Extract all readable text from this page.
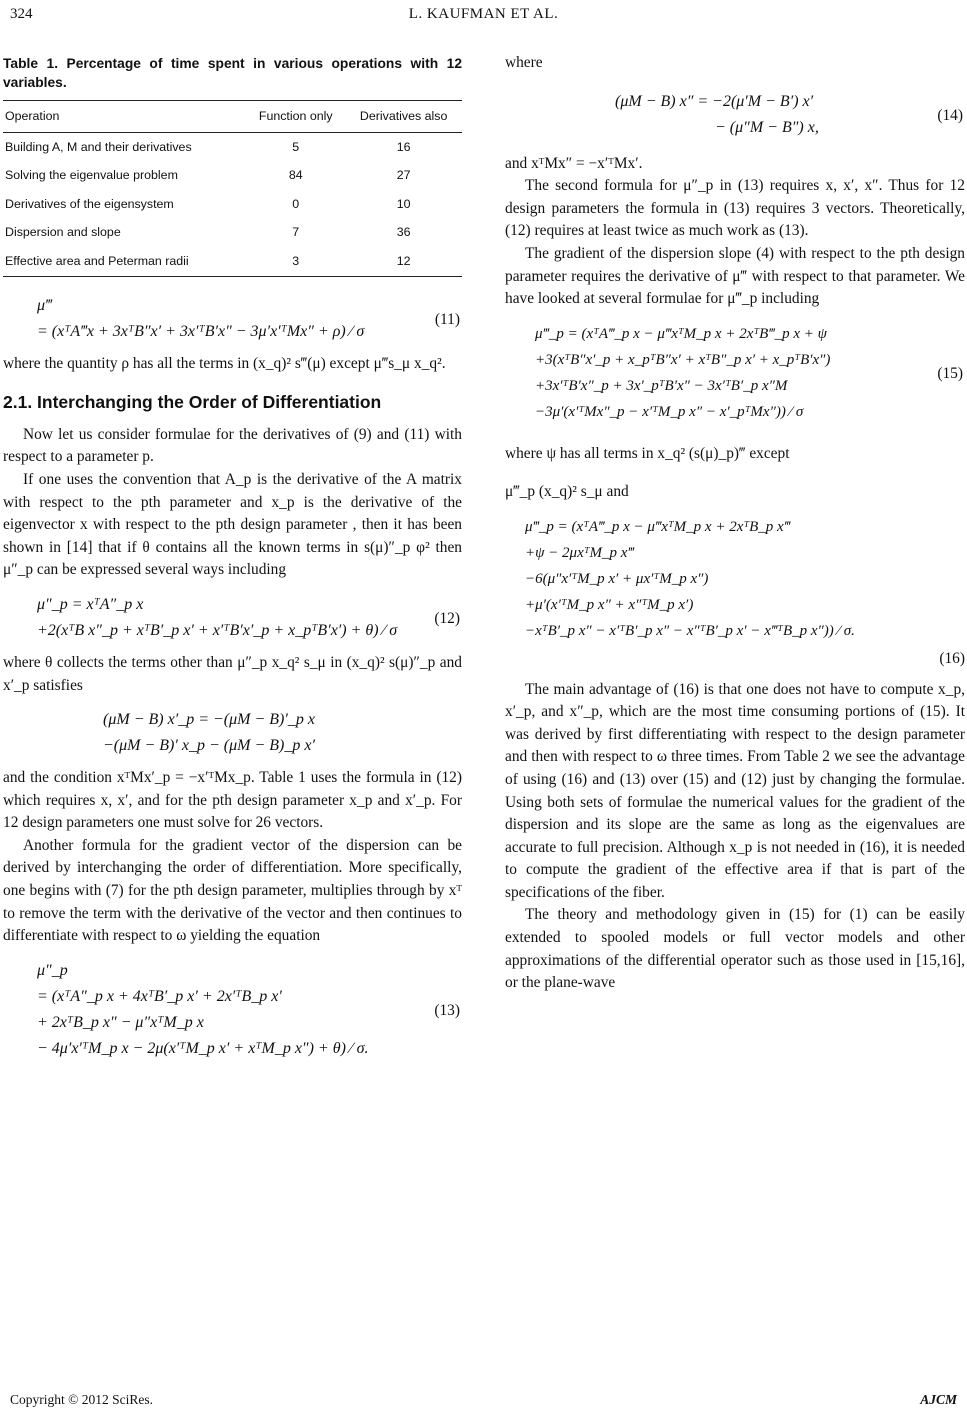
324	L. KAUFMAN ET AL.
Table 1. Percentage of time spent in various operations with 12 variables.
Operation	Function only	Derivatives also
Building A, M and their derivatives	5	16
Solving the eigenvalue problem	84	27
Derivatives of the eigensystem	0	10
Dispersion and slope	7	36
Effective area and Peterman radii	3	12
μ‴
= (xᵀA‴x + 3xᵀB″x′ + 3x′ᵀB′x″ − 3μ′x′ᵀMx″ + ρ) ⁄ σ
(11)

where the quantity ρ has all the terms in (x_q)² s‴(μ) except μ‴s_μ x_q².

2.1. Interchanging the Order of Differentiation

Now let us consider formulae for the derivatives of (9) and (11) with respect to a parameter p.

If one uses the convention that A_p is the derivative of the A matrix with respect to the pth parameter and x_p is the derivative of the eigenvector x with respect to the pth design parameter , then it has been shown in [14] that if θ contains all the known terms in s(μ)″_p φ² then μ″_p can be expressed several ways including

μ″_p = xᵀA″_p x
+2(xᵀB x″_p + xᵀB′_p x′ + x′ᵀB′x′_p + x_pᵀB′x′) + θ) ⁄ σ
(12)

where θ collects the terms other than μ″_p x_q² s_μ in (x_q)² s(μ)″_p and x′_p satisfies

(μM − B) x′_p = −(μM − B)′_p x
−(μM − B)′ x_p − (μM − B)_p x′

and the condition xᵀMx′_p = −x′ᵀMx_p. Table 1 uses the formula in (12) which requires x, x′, and for the pth design parameter x_p and x′_p. For 12 design parameters one must solve for 26 vectors.

Another formula for the gradient vector of the dispersion can be derived by interchanging the order of differentiation. More specifically, one begins with (7) for the pth design parameter, multiplies through by xᵀ to remove the term with the derivative of the vector and then continues to differentiate with respect to ω yielding the equation

μ″_p
= (xᵀA″_p x + 4xᵀB′_p x′ + 2x′ᵀB_p x′
+ 2xᵀB_p x″ − μ″xᵀM_p x
− 4μ′x′ᵀM_p x − 2μ(x′ᵀM_p x′ + xᵀM_p x″) + θ) ⁄ σ.
(13)

where

(μM − B) x″ = −2(μ′M − B′) x′
− (μ″M − B″) x,
(14)

and xᵀMx″ = −x′ᵀMx′.

The second formula for μ″_p in (13) requires x, x′, x″. Thus for 12 design parameters the formula in (13) requires 3 vectors. Theoretically, (12) requires at least twice as much work as (13).

The gradient of the dispersion slope (4) with respect to the pth design parameter requires the derivative of μ‴ with respect to that parameter. We have looked at several formulae for μ‴_p including

μ‴_p = (xᵀA‴_p x − μ‴xᵀM_p x + 2xᵀB‴_p x + ψ
+3(xᵀB″x′_p + x_pᵀB″x′ + xᵀB″_p x′ + x_pᵀB′x″)
+3x′ᵀB′x″_p + 3x′_pᵀB′x″ − 3x′ᵀB′_p x″M
−3μ′(x′ᵀMx″_p − x′ᵀM_p x″ − x′_pᵀMx″)) ⁄ σ
(15)

where ψ has all terms in x_q² (s(μ)_p)‴ except

μ‴_p (x_q)² s_μ and

μ‴_p = (xᵀA‴_p x − μ‴xᵀM_p x + 2xᵀB_p x‴
+ψ − 2μxᵀM_p x‴
−6(μ″x′ᵀM_p x′ + μx′ᵀM_p x″)
+μ′(x′ᵀM_p x″ + x″ᵀM_p x′)
−xᵀB′_p x″ − x′ᵀB′_p x″ − x″ᵀB′_p x′ − x‴ᵀB_p x″)) ⁄ σ.
(16)

The main advantage of (16) is that one does not have to compute x_p, x′_p, and x″_p, which are the most time consuming portions of (15). It was derived by first differentiating with respect to the design parameter and then with respect to ω three times. From Table 2 we see the advantage of using (16) and (13) over (15) and (12) just by changing the formulae. Using both sets of formulae the numerical values for the gradient of the dispersion and its slope are the same as long as the eigenvalues are accurate to full precision. Although x_p is not needed in (16), it is needed to compute the gradient of the effective area if that is part of the specifications of the fiber.

The theory and methodology given in (15) for (1) can be easily extended to spooled models or full vector models and other approximations of the differential operator such as those used in [15,16], or the plane-wave

Copyright © 2012 SciRes.	AJCM
